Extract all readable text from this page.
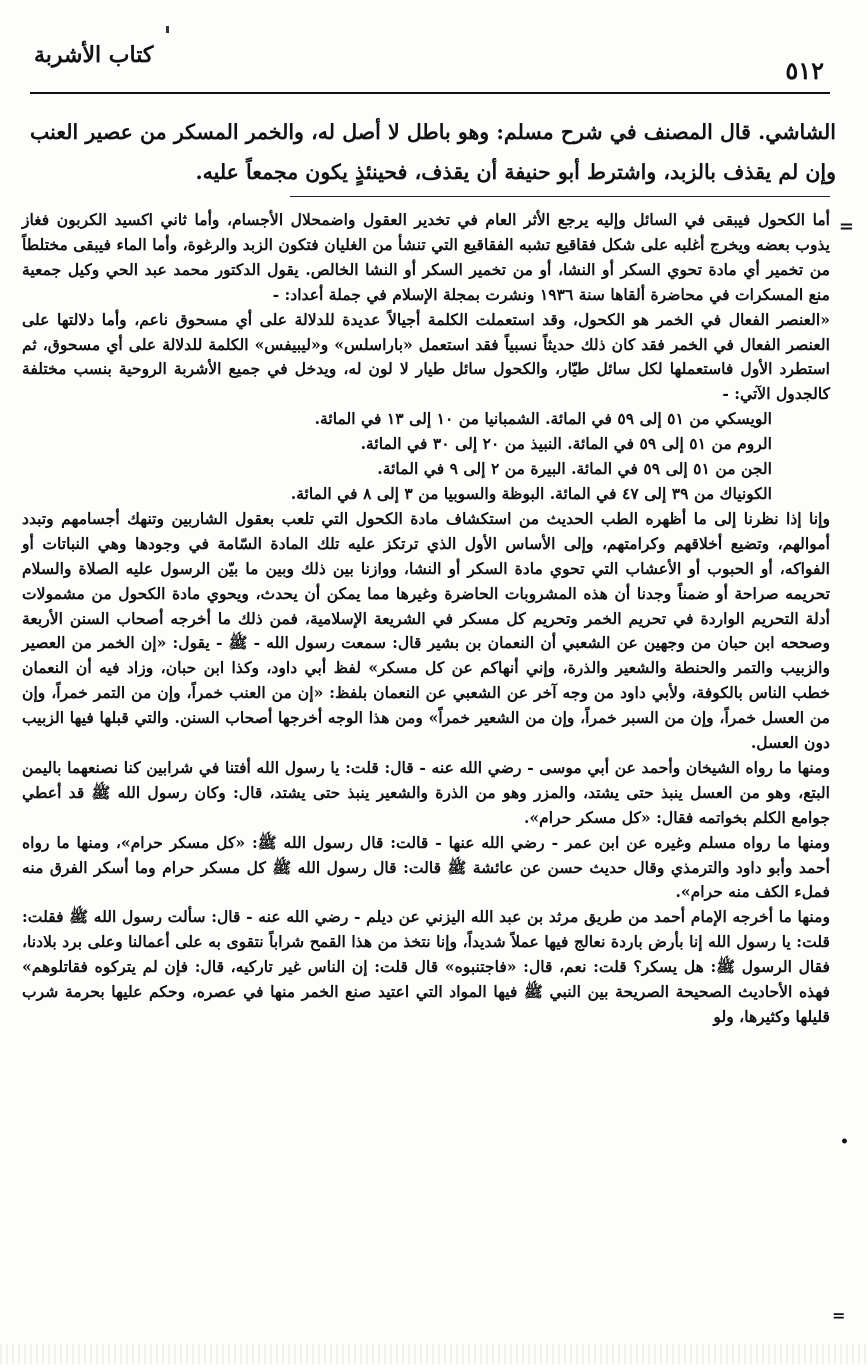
كتاب الأشربة
٥١٢

الشاشي. قال المصنف في شرح مسلم: وهو باطل لا أصل له، والخمر المسكر من عصير العنب وإن لم يقذف بالزبد، واشترط أبو حنيفة أن يقذف، فحينئذٍ يكون مجمعاً عليه.

=

أما الكحول فيبقى في السائل وإليه يرجع الأثر العام في تخدير العقول واضمحلال الأجسام، وأما ثاني اكسيد الكربون فغاز يذوب بعضه ويخرج أغلبه على شكل فقاقيع تشبه الفقاقيع التي تنشأ من الغليان فتكون الزبد والرغوة، وأما الماء فيبقى مختلطاً من تخمير أي مادة تحوي السكر أو النشا، أو من تخمير السكر أو النشا الخالص. يقول الدكتور محمد عبد الحي وكيل جمعية منع المسكرات في محاضرة ألقاها سنة ١٩٣٦ ونشرت بمجلة الإسلام في جملة أعداد: -

«العنصر الفعال في الخمر هو الكحول، وقد استعملت الكلمة أجيالاً عديدة للدلالة على أي مسحوق ناعم، وأما دلالتها على العنصر الفعال في الخمر فقد كان ذلك حديثاً نسبياً فقد استعمل «باراسلس» و«ليبيفس» الكلمة للدلالة على أي مسحوق، ثم استطرد الأول فاستعملها لكل سائل طيّار، والكحول سائل طيار لا لون له، ويدخل في جميع الأشربة الروحية بنسب مختلفة كالجدول الآتي: -

الويسكي من ٥١ إلى ٥٩ في المائة. الشمبانيا من ١٠ إلى ١٣ في المائة.

الروم من ٥١ إلى ٥٩ في المائة. النبيذ من ٢٠ إلى ٣٠ في المائة.

الجن من ٥١ إلى ٥٩ في المائة. البيرة من ٢ إلى ٩ في المائة.

الكونياك من ٣٩ إلى ٤٧ في المائة. البوظة والسوبيا من ٣ إلى ٨ في المائة.

وإنا إذا نظرنا إلى ما أظهره الطب الحديث من استكشاف مادة الكحول التي تلعب بعقول الشاربين وتنهك أجسامهم وتبدد أموالهم، وتضيع أخلاقهم وكرامتهم، وإلى الأساس الأول الذي ترتكز عليه تلك المادة السّامة في وجودها وهي النباتات أو الفواكه، أو الحبوب أو الأعشاب التي تحوي مادة السكر أو النشا، ووازنا بين ذلك وبين ما بيّن الرسول عليه الصلاة والسلام تحريمه صراحة أو ضمناً وجدنا أن هذه المشروبات الحاضرة وغيرها مما يمكن أن يحدث، ويحوي مادة الكحول من مشمولات أدلة التحريم الواردة في تحريم الخمر وتحريم كل مسكر في الشريعة الإسلامية، فمن ذلك ما أخرجه أصحاب السنن الأربعة وصححه ابن حبان من وجهين عن الشعبي أن النعمان بن بشير قال: سمعت رسول الله - ﷺ - يقول: «إن الخمر من العصير والزبيب والتمر والحنطة والشعير والذرة، وإني أنهاكم عن كل مسكر» لفظ أبي داود، وكذا ابن حبان، وزاد فيه أن النعمان خطب الناس بالكوفة، ولأبي داود من وجه آخر عن الشعبي عن النعمان بلفظ: «إن من العنب خمراً، وإن من التمر خمراً، وإن من العسل خمراً، وإن من السبر خمراً، وإن من الشعير خمراً» ومن هذا الوجه أخرجها أصحاب السنن. والتي قبلها فيها الزبيب دون العسل.

ومنها ما رواه الشيخان وأحمد عن أبي موسى - رضي الله عنه - قال: قلت: يا رسول الله أفتنا في شرابين كنا نصنعهما باليمن البتع، وهو من العسل ينبذ حتى يشتد، والمزر وهو من الذرة والشعير ينبذ حتى يشتد، قال: وكان رسول الله ﷺ قد أعطي جوامع الكلم بخواتمه فقال: «كل مسكر حرام».

ومنها ما رواه مسلم وغيره عن ابن عمر - رضي الله عنها - قالت: قال رسول الله ﷺ: «كل مسكر حرام»، ومنها ما رواه أحمد وأبو داود والترمذي وقال حديث حسن عن عائشة ﷺ قالت: قال رسول الله ﷺ كل مسكر حرام وما أسكر الفرق منه فملء الكف منه حرام».

ومنها ما أخرجه الإمام أحمد من طريق مرثد بن عبد الله اليزني عن ديلم - رضي الله عنه - قال: سألت رسول الله ﷺ فقلت: قلت: يا رسول الله إنا بأرض باردة نعالج فيها عملاً شديداً، وإنا نتخذ من هذا القمح شراباً نتقوى به على أعمالنا وعلى برد بلادنا، فقال الرسول ﷺ: هل يسكر؟ قلت: نعم، قال: «فاجتنبوه» قال قلت: إن الناس غير تاركيه، قال: فإن لم يتركوه فقاتلوهم» فهذه الأحاديث الصحيحة الصريحة بين النبي ﷺ فيها المواد التي اعتيد صنع الخمر منها في عصره، وحكم عليها بحرمة شرب قليلها وكثيرها، ولو

=
•
